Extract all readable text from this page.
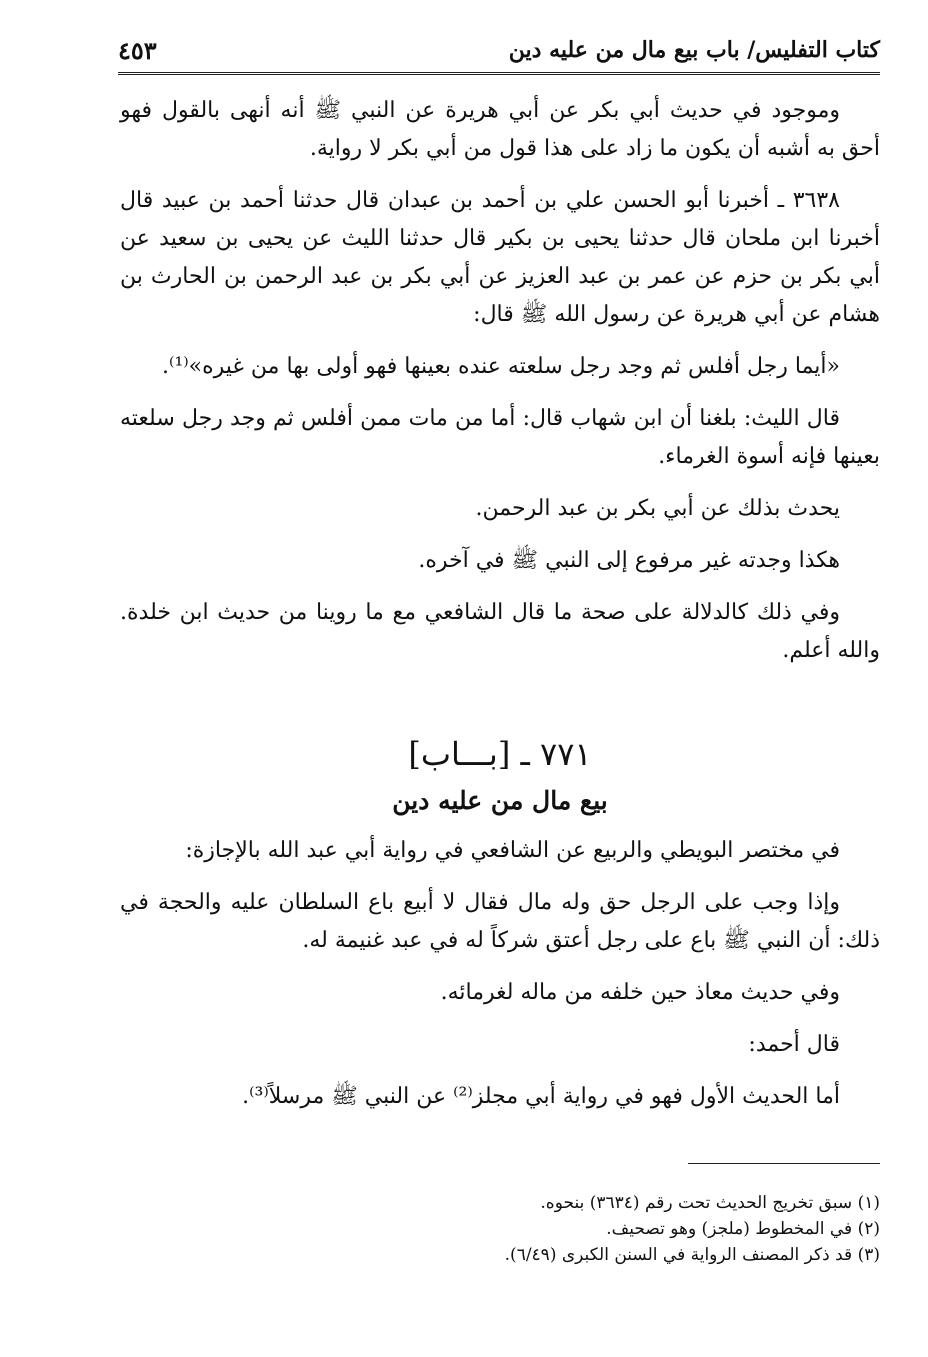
كتاب التفليس/ باب بيع مال من عليه دين
٤٥٣

وموجود في حديث أبي بكر عن أبي هريرة عن النبي ﷺ أنه أنهى بالقول فهو أحق به أشبه أن يكون ما زاد على هذا قول من أبي بكر لا رواية.

٣٦٣٨ ـ أخبرنا أبو الحسن علي بن أحمد بن عبدان قال حدثنا أحمد بن عبيد قال أخبرنا ابن ملحان قال حدثنا يحيى بن بكير قال حدثنا الليث عن يحيى بن سعيد عن أبي بكر بن حزم عن عمر بن عبد العزيز عن أبي بكر بن عبد الرحمن بن الحارث بن هشام عن أبي هريرة عن رسول الله ﷺ قال:

«أيما رجل أفلس ثم وجد رجل سلعته عنده بعينها فهو أولى بها من غيره»⁽¹⁾.

قال الليث: بلغنا أن ابن شهاب قال: أما من مات ممن أفلس ثم وجد رجل سلعته بعينها فإنه أسوة الغرماء.

يحدث بذلك عن أبي بكر بن عبد الرحمن.

هكذا وجدته غير مرفوع إلى النبي ﷺ في آخره.

وفي ذلك كالدلالة على صحة ما قال الشافعي مع ما روينا من حديث ابن خلدة. والله أعلم.

٧٧١ ـ [بـــاب]
بيع مال من عليه دين

في مختصر البويطي والربيع عن الشافعي في رواية أبي عبد الله بالإجازة:

وإذا وجب على الرجل حق وله مال فقال لا أبيع باع السلطان عليه والحجة في ذلك: أن النبي ﷺ باع على رجل أعتق شركاً له في عبد غنيمة له.

وفي حديث معاذ حين خلفه من ماله لغرمائه.

قال أحمد:

أما الحديث الأول فهو في رواية أبي مجلز⁽²⁾ عن النبي ﷺ مرسلاً⁽³⁾.

(١) سبق تخريج الحديث تحت رقم (٣٦٣٤) بنحوه.
(٢) في المخطوط (ملجز) وهو تصحيف.
(٣) قد ذكر المصنف الرواية في السنن الكبرى (٦/٤٩).
